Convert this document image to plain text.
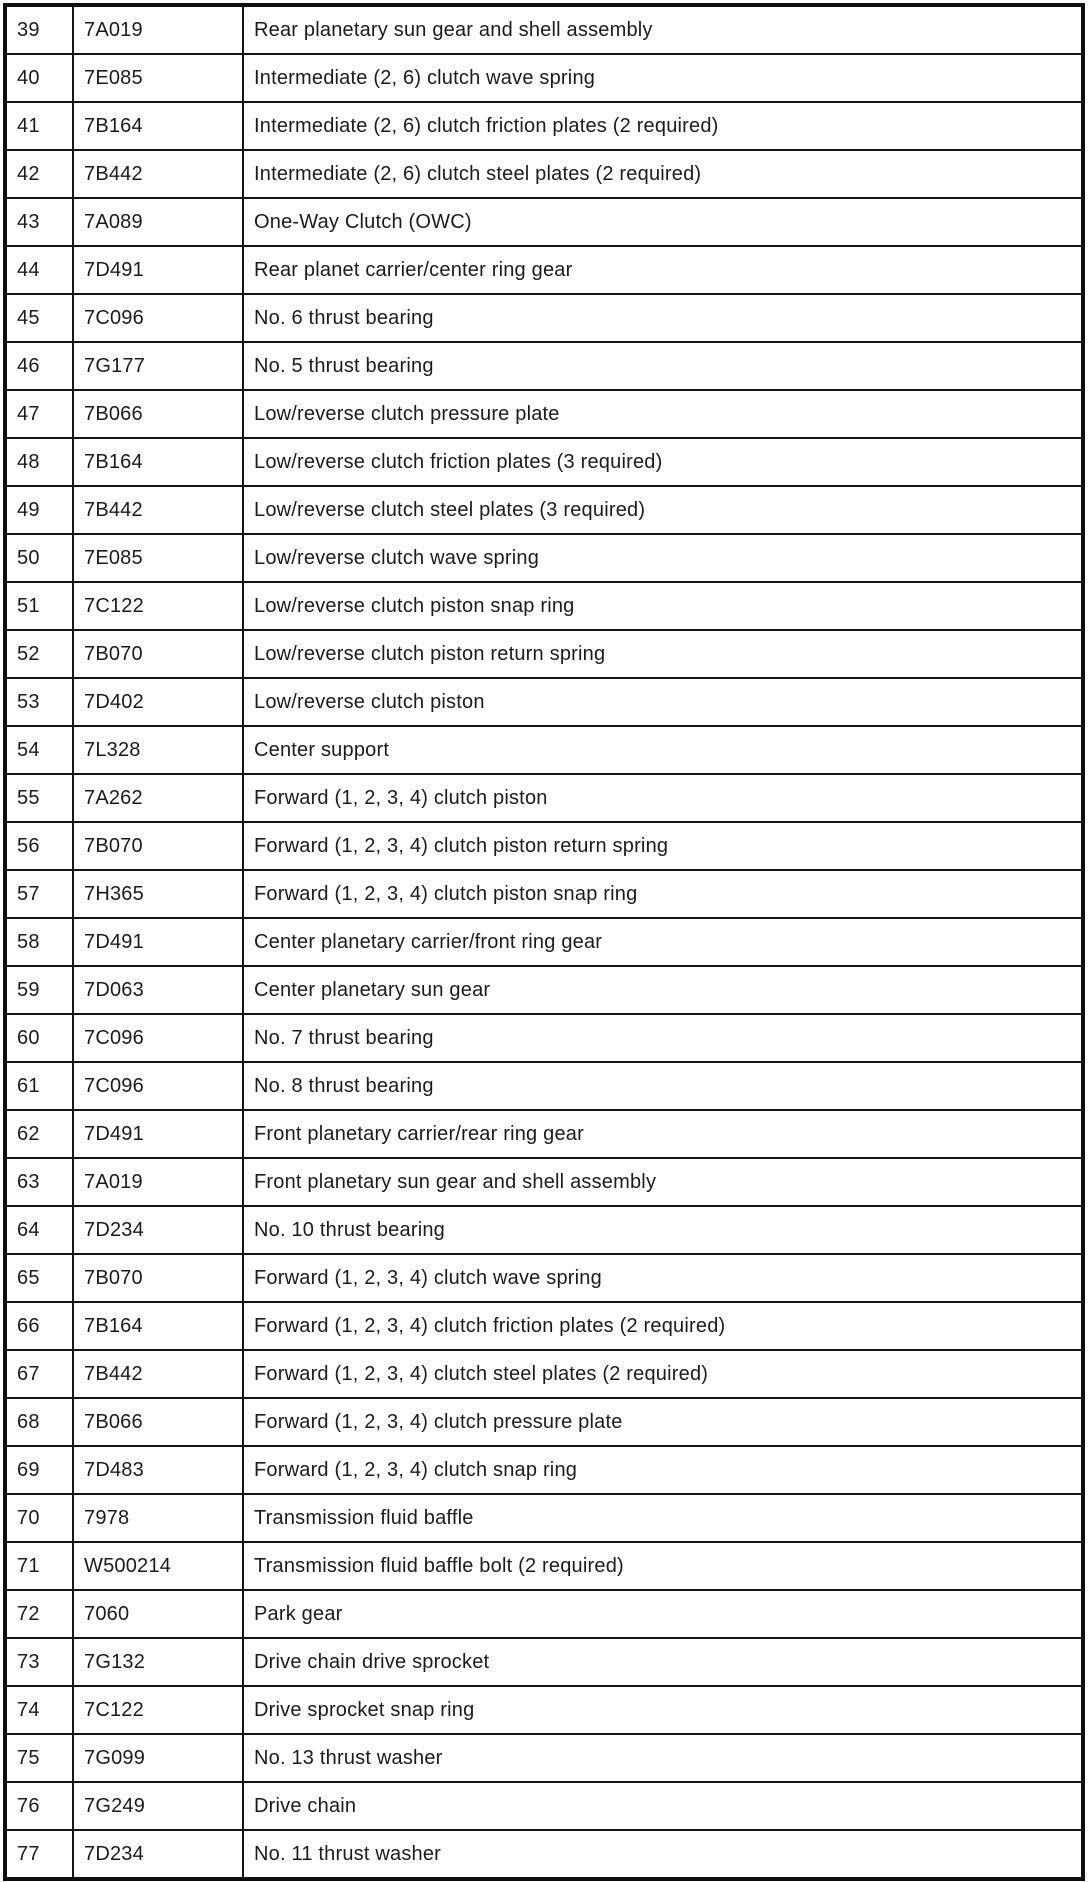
39	7A019	Rear planetary sun gear and shell assembly
40	7E085	Intermediate (2, 6) clutch wave spring
41	7B164	Intermediate (2, 6) clutch friction plates (2 required)
42	7B442	Intermediate (2, 6) clutch steel plates (2 required)
43	7A089	One-Way Clutch (OWC)
44	7D491	Rear planet carrier/center ring gear
45	7C096	No. 6 thrust bearing
46	7G177	No. 5 thrust bearing
47	7B066	Low/reverse clutch pressure plate
48	7B164	Low/reverse clutch friction plates (3 required)
49	7B442	Low/reverse clutch steel plates (3 required)
50	7E085	Low/reverse clutch wave spring
51	7C122	Low/reverse clutch piston snap ring
52	7B070	Low/reverse clutch piston return spring
53	7D402	Low/reverse clutch piston
54	7L328	Center support
55	7A262	Forward (1, 2, 3, 4) clutch piston
56	7B070	Forward (1, 2, 3, 4) clutch piston return spring
57	7H365	Forward (1, 2, 3, 4) clutch piston snap ring
58	7D491	Center planetary carrier/front ring gear
59	7D063	Center planetary sun gear
60	7C096	No. 7 thrust bearing
61	7C096	No. 8 thrust bearing
62	7D491	Front planetary carrier/rear ring gear
63	7A019	Front planetary sun gear and shell assembly
64	7D234	No. 10 thrust bearing
65	7B070	Forward (1, 2, 3, 4) clutch wave spring
66	7B164	Forward (1, 2, 3, 4) clutch friction plates (2 required)
67	7B442	Forward (1, 2, 3, 4) clutch steel plates (2 required)
68	7B066	Forward (1, 2, 3, 4) clutch pressure plate
69	7D483	Forward (1, 2, 3, 4) clutch snap ring
70	7978	Transmission fluid baffle
71	W500214	Transmission fluid baffle bolt (2 required)
72	7060	Park gear
73	7G132	Drive chain drive sprocket
74	7C122	Drive sprocket snap ring
75	7G099	No. 13 thrust washer
76	7G249	Drive chain
77	7D234	No. 11 thrust washer
